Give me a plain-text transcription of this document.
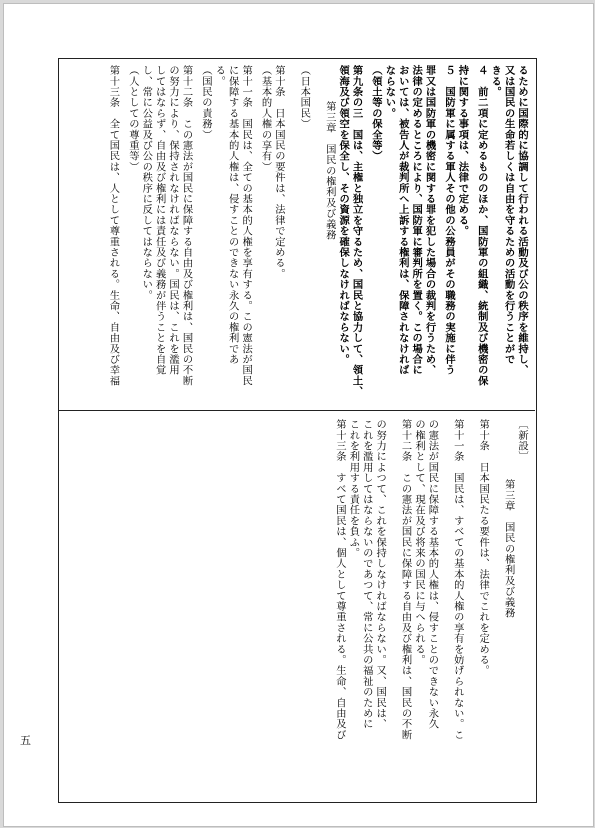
るために国際的に協調して行われる活動及び公の秩序を維持し、
又は国民の生命若しくは自由を守るための活動を行うことがで
きる。
４　前二項に定めるもののほか、国防軍の組織、統制及び機密の保
持に関する事項は、法律で定める。
５　国防軍に属する軍人その他の公務員がその職務の実施に伴う
罪又は国防軍の機密に関する罪を犯した場合の裁判を行うため、
法律の定めるところにより、国防軍に審判所を置く。この場合に
おいては、被告人が裁判所へ上訴する権利は、保障されなければ
ならない。
（領土等の保全等）
第九条の三　国は、主権と独立を守るため、国民と協力して、領土、
領海及び領空を保全し、その資源を確保しなければならない。
第三章　国民の権利及び義務
（日本国民）
第十条　日本国民の要件は、法律で定める。
（基本的人権の享有）
第十一条　国民は、全ての基本的人権を享有する。この憲法が国民
に保障する基本的人権は、侵すことのできない永久の権利であ
る。
（国民の責務）
第十二条　この憲法が国民に保障する自由及び権利は、国民の不断
の努力により、保持されなければならない。国民は、これを濫用
してはならず、自由及び権利には責任及び義務が伴うことを自覚
し、常に公益及び公の秩序に反してはならない。
（人としての尊重等）
第十三条　全て国民は、人として尊重される。生命、自由及び幸福
〔新設〕
第三章　国民の権利及び義務
第十条　日本国民たる要件は、法律でこれを定める。
第十一条　国民は、すべての基本的人権の享有を妨げられない。こ
の憲法が国民に保障する基本的人権は、侵すことのできない永久
の権利として、現在及び将来の国民に与へられる。
第十二条　この憲法が国民に保障する自由及び権利は、国民の不断
の努力によつて、これを保持しなければならない。又、国民は、
これを濫用してはならないのであつて、常に公共の福祉のために
これを利用する責任を負ふ。
第十三条　すべて国民は、個人として尊重される。生命、自由及び
五
